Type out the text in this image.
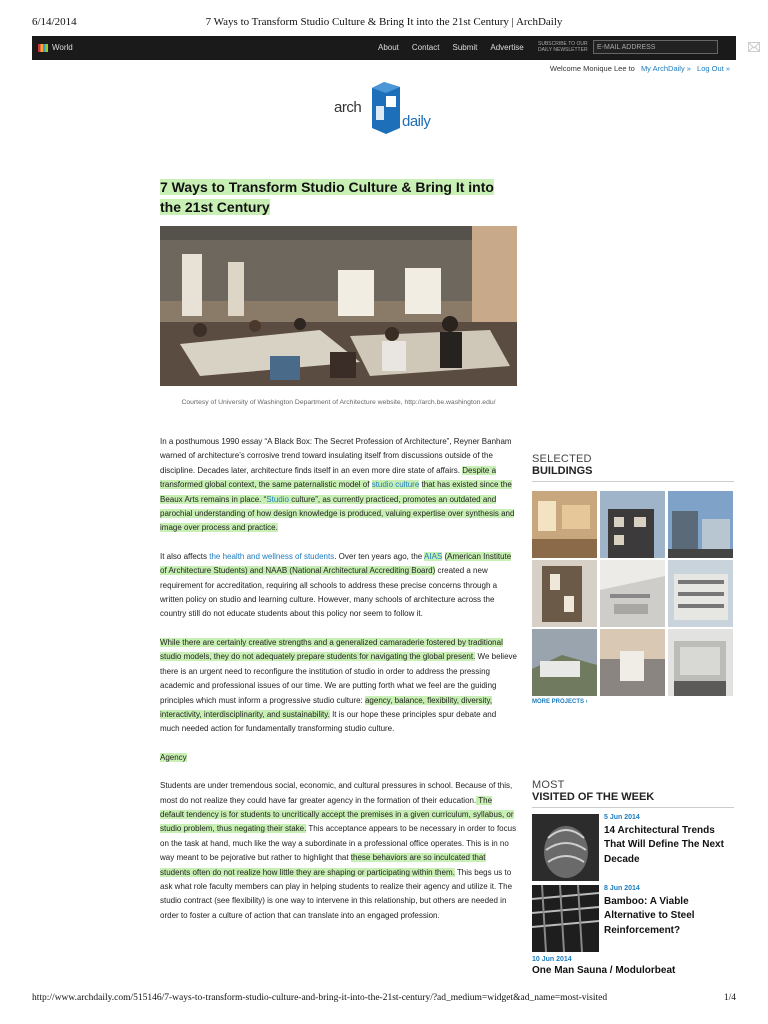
6/14/2014	7 Ways to Transform Studio Culture & Bring It into the 21st Century | ArchDaily
World	About Contact Submit Advertise	SUBSCRIBE TO OUR DAILY NEWSLETTER	E-MAIL ADDRESS
Welcome Monique Lee to My ArchDaily » Log Out »
arch
daily
7 Ways to Transform Studio Culture & Bring It into the 21st Century
Courtesy of University of Washington Department of Architecture website, http://arch.be.washington.edu/

In a posthumous 1990 essay “A Black Box: The Secret Profession of Architecture”, Reyner Banham warned of architecture’s corrosive trend toward insulating itself from discussions outside of the discipline. Decades later, architecture finds itself in an even more dire state of affairs. Despite a transformed global context, the same paternalistic model of studio culture that has existed since the Beaux Arts remains in place. “Studio culture”, as currently practiced, promotes an outdated and parochial understanding of how design knowledge is produced, valuing expertise over synthesis and image over process and practice.

It also affects the health and wellness of students. Over ten years ago, the AIAS (American Institute of Architecture Students) and NAAB (National Architectural Accrediting Board) created a new requirement for accreditation, requiring all schools to address these precise concerns through a written policy on studio and learning culture. However, many schools of architecture across the country still do not educate students about this policy nor seem to follow it.

While there are certainly creative strengths and a generalized camaraderie fostered by traditional studio models, they do not adequately prepare students for navigating the global present. We believe there is an urgent need to reconfigure the institution of studio in order to address the pressing academic and professional issues of our time. We are putting forth what we feel are the guiding principles which must inform a progressive studio culture: agency, balance, flexibility, diversity, interactivity, interdisciplinarity, and sustainability. It is our hope these principles spur debate and much needed action for fundamentally transforming studio culture.

Agency

Students are under tremendous social, economic, and cultural pressures in school. Because of this, most do not realize they could have far greater agency in the formation of their education. The default tendency is for students to uncritically accept the premises in a given curriculum, syllabus, or studio problem, thus negating their stake. This acceptance appears to be necessary in order to focus on the task at hand, much like the way a subordinate in a professional office operates. This is in no way meant to be pejorative but rather to highlight that these behaviors are so inculcated that students often do not realize how little they are shaping or participating within them. This begs us to ask what role faculty members can play in helping students to realize their agency and utilize it. The studio contract (see flexibility) is one way to intervene in this relationship, but others are needed in order to foster a culture of action that can translate into an engaged profession.

SELECTED
BUILDINGS
MORE PROJECTS ›
MOST
VISITED OF THE WEEK
5 Jun 2014
14 Architectural Trends That Will Define The Next Decade
8 Jun 2014
Bamboo: A Viable Alternative to Steel Reinforcement?
10 Jun 2014
One Man Sauna / Modulorbeat
http://www.archdaily.com/515146/7-ways-to-transform-studio-culture-and-bring-it-into-the-21st-century/?ad_medium=widget&ad_name=most-visited	1/4
